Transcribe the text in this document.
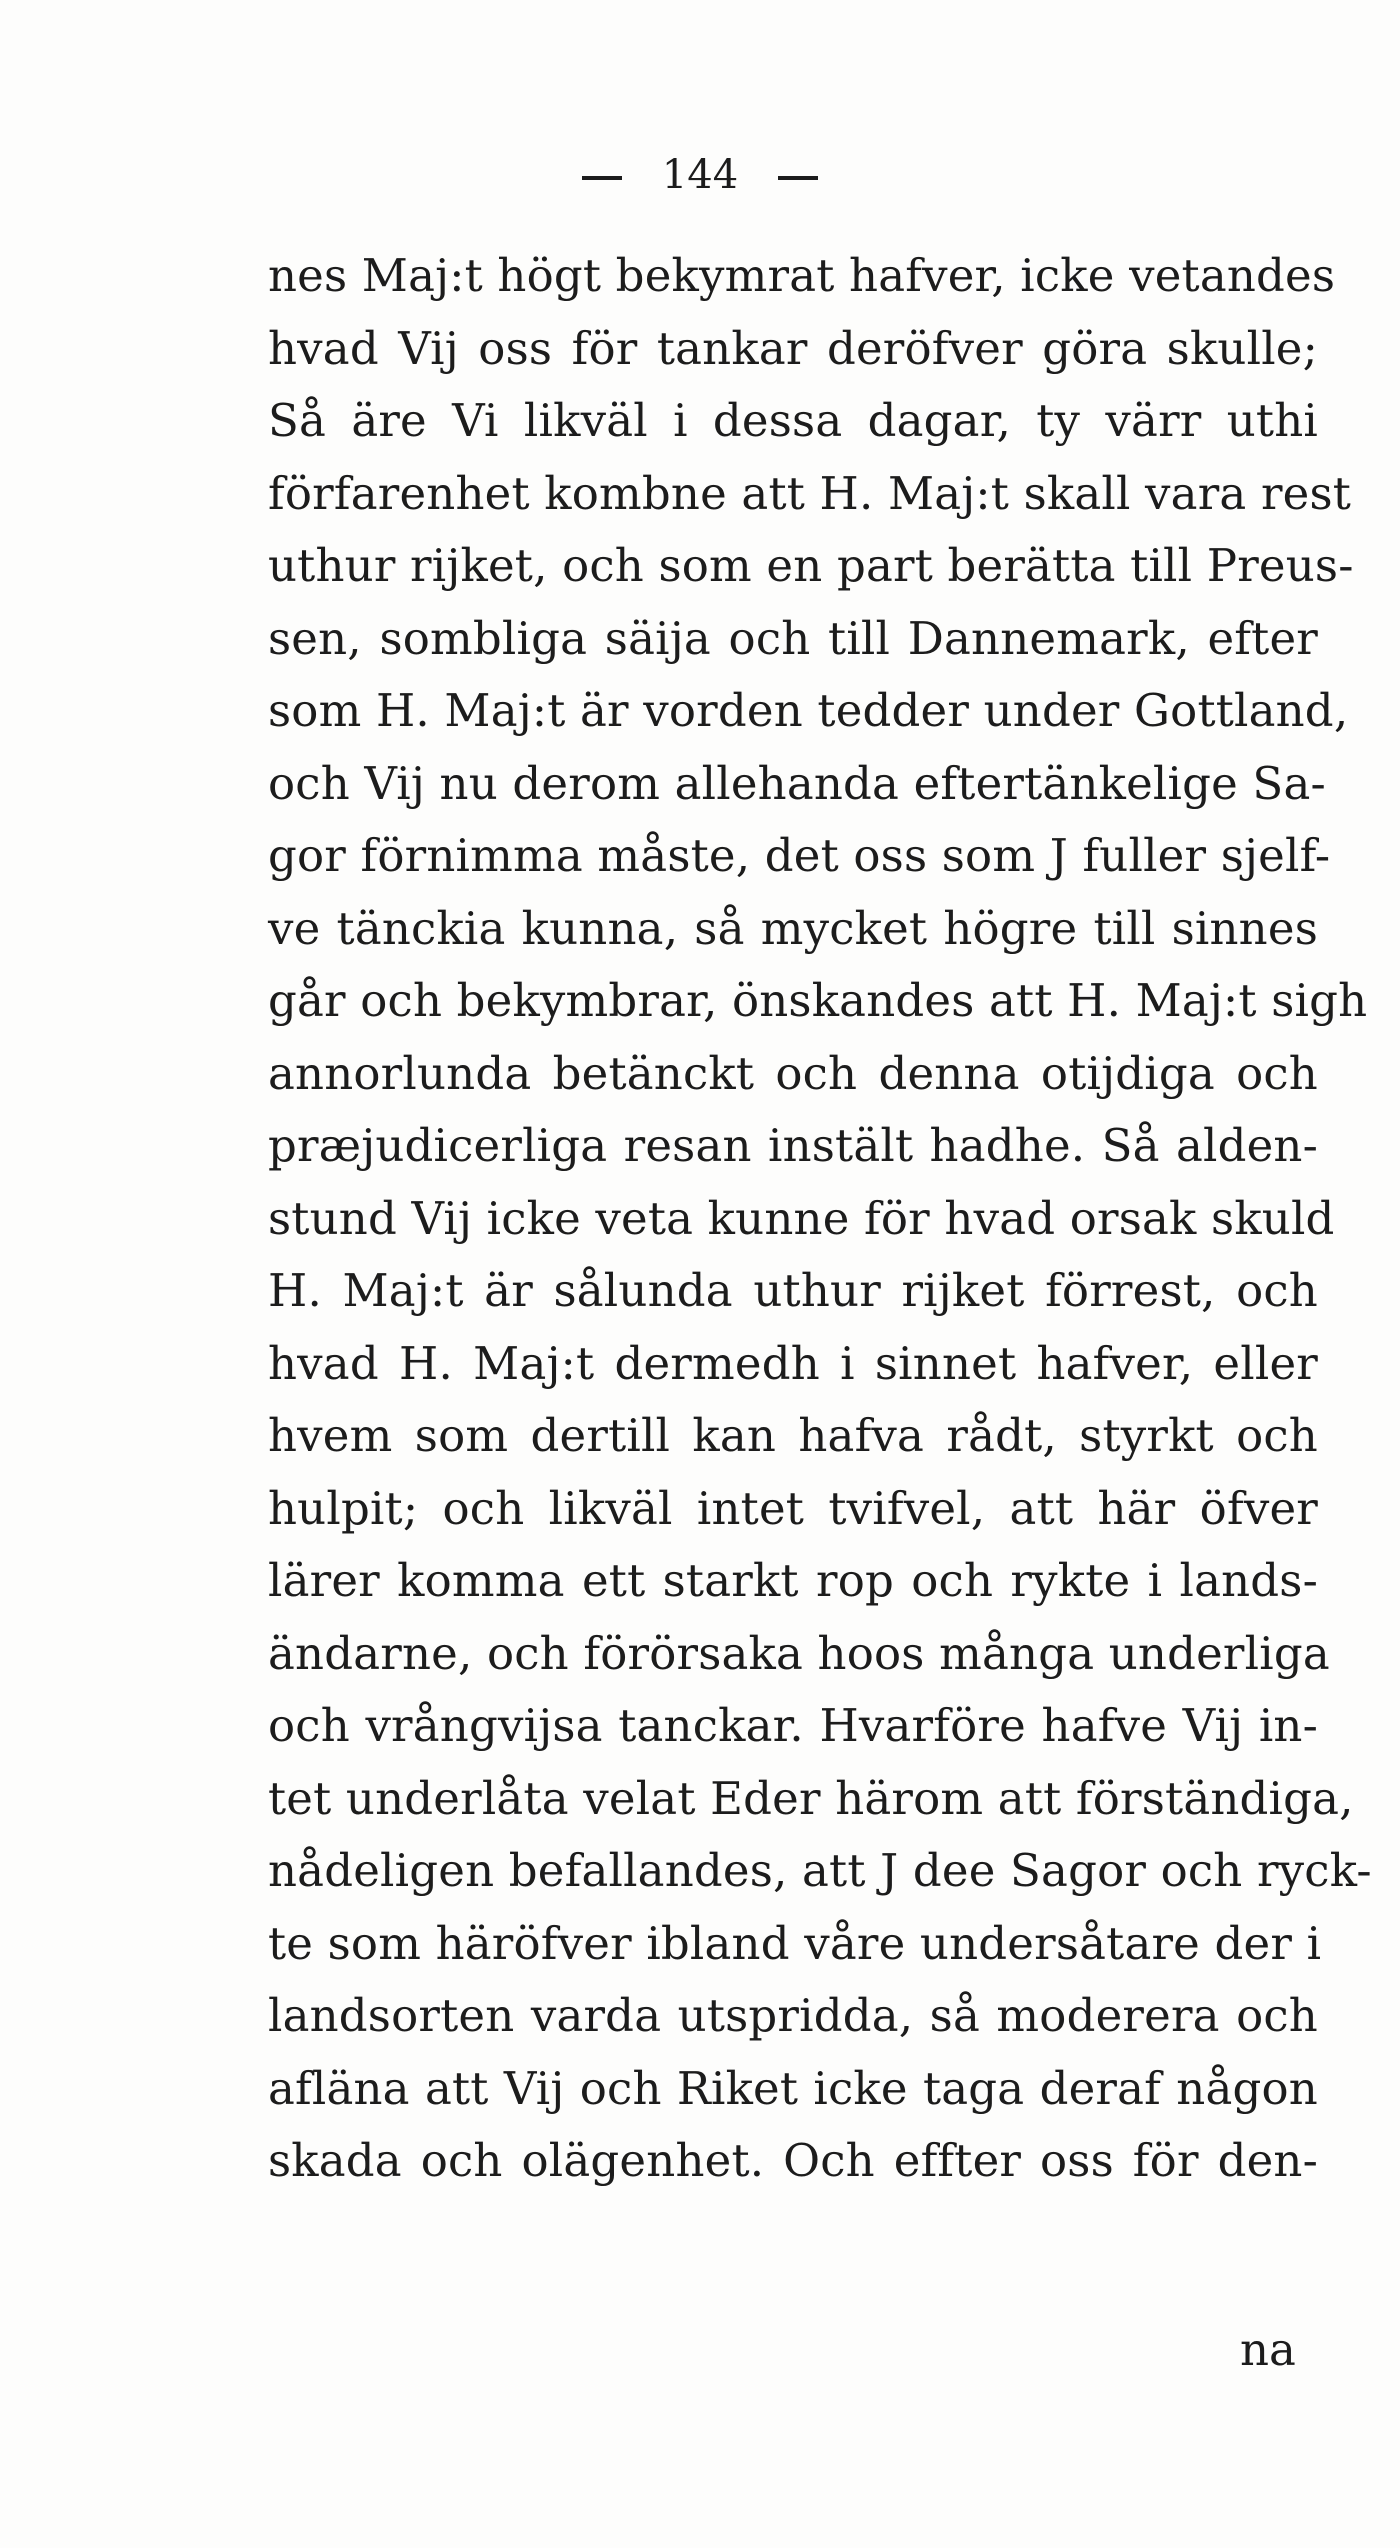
144
nes Maj:t högt bekymrat hafver, icke vetandes
hvad Vij oss för tankar deröfver göra skulle;
Så äre Vi likväl i dessa dagar, ty värr uthi
förfarenhet kombne att H. Maj:t skall vara rest
uthur rijket, och som en part berätta till Preus-
sen, sombliga säija och till Dannemark, efter
som H. Maj:t är vorden tedder under Gottland,
och Vij nu derom allehanda eftertänkelige Sa-
gor förnimma måste, det oss som J fuller sjelf-
ve tänckia kunna, så mycket högre till sinnes
går och bekymbrar, önskandes att H. Maj:t sigh
annorlunda betänckt och denna otijdiga och
præjudicerliga resan instält hadhe. Så alden-
stund Vij icke veta kunne för hvad orsak skuld
H. Maj:t är sålunda uthur rijket förrest, och
hvad H. Maj:t dermedh i sinnet hafver, eller
hvem som dertill kan hafva rådt, styrkt och
hulpit; och likväl intet tvifvel, att här öfver
lärer komma ett starkt rop och rykte i lands-
ändarne, och förörsaka hoos många underliga
och vrångvijsa tanckar. Hvarföre hafve Vij in-
tet underlåta velat Eder härom att förständiga,
nådeligen befallandes, att J dee Sagor och ryck-
te som häröfver ibland våre undersåtare der i
landsorten varda utspridda, så moderera och
afläna att Vij och Riket icke taga deraf någon
skada och olägenhet. Och effter oss för den-
na
